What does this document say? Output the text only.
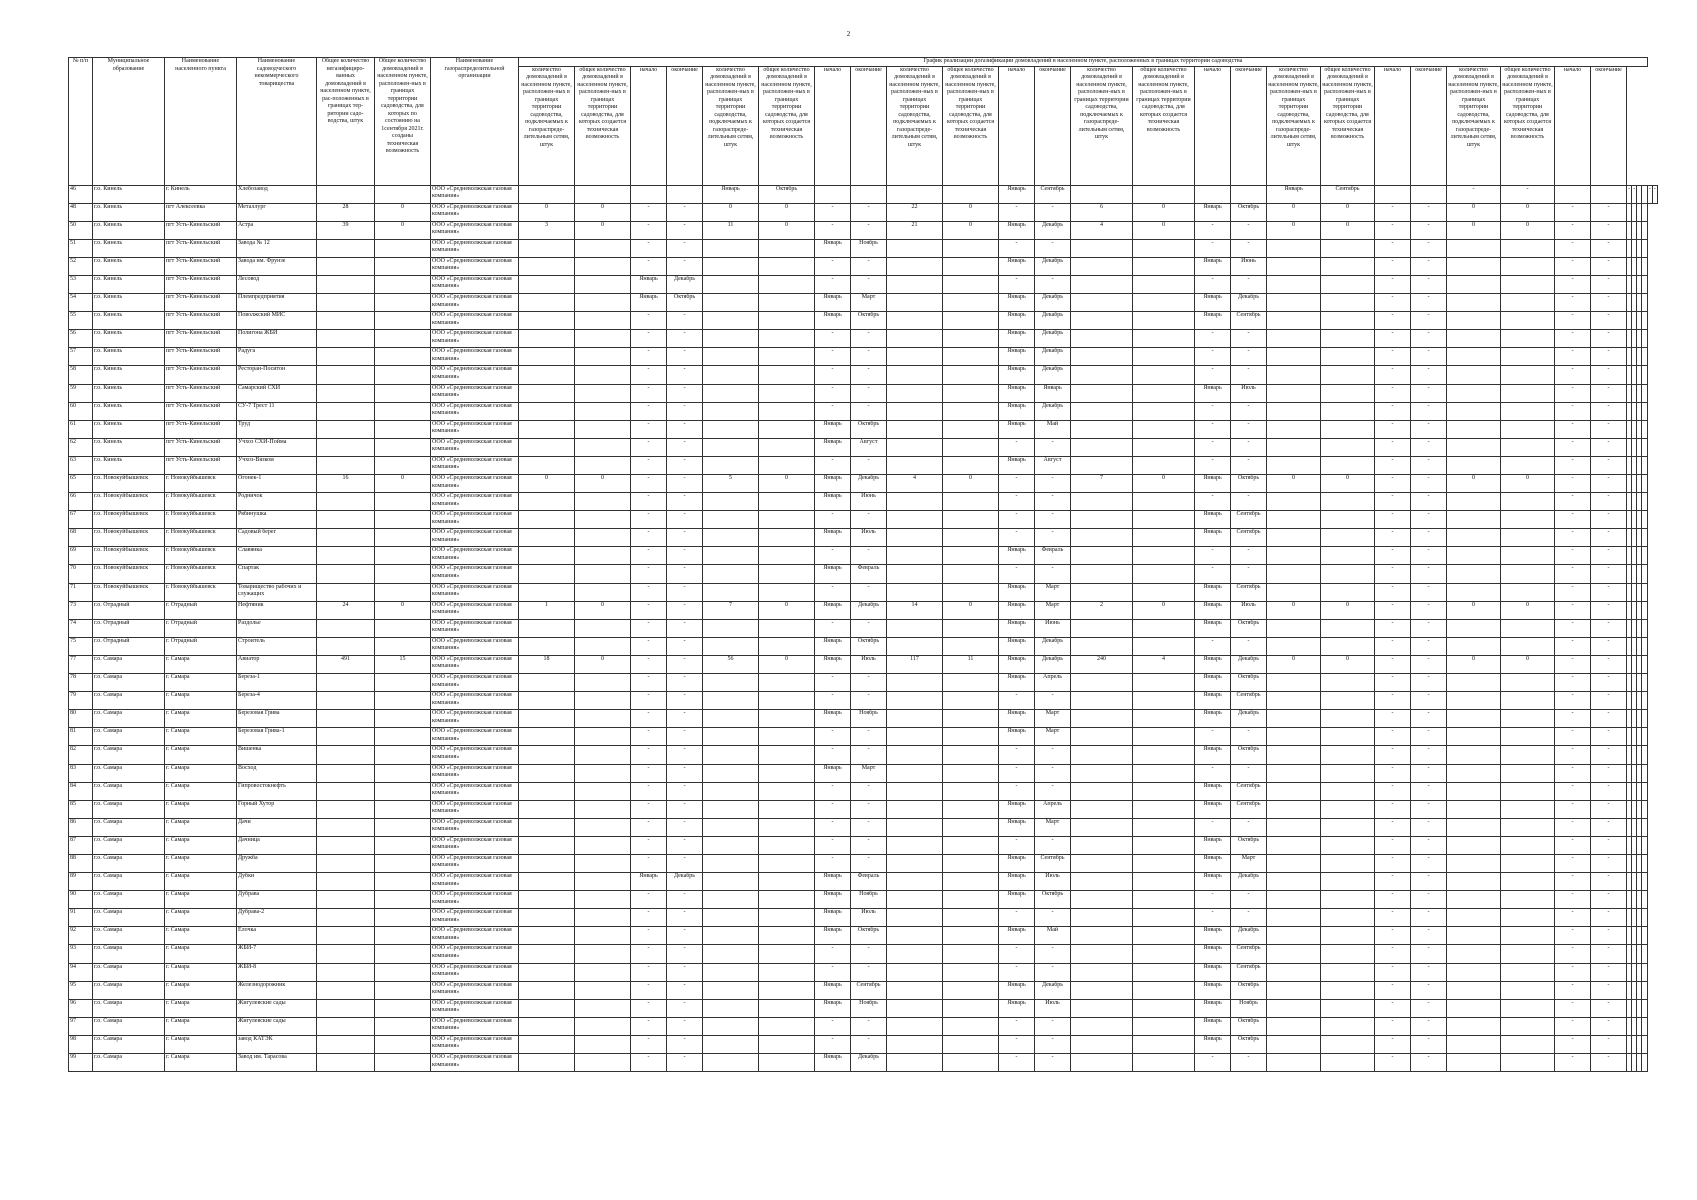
2
№ п/п	Муниципальное образование	Наименование населенного пункта	Наименование садоводческого некоммерческого товарищества	Общее количество негазифициро-ванных домовладений в населенном пункте, рас-положенных в границах тер-ритории садо-водства, штук	Общее количество домовладений в населенном пункте, расположен-ных в границах территории садоводства, для которых по состоянию на 1сентября 2021г. созданы техническая возможность	Наименование газораспределительной организации	График реализации догазификации домовладений в населенном пункте, расположенных в границах территории садоводства																													
							количество домовладений в населенном пункте, расположен-ных в границах территории садоводства, подключаемых к газораспреде-лительным сетям, штук	общее количество домовладений в населенном пункте, расположен-ных в границах территории садоводства, для которых создается техническая возможность	начало	окончание	количество домовладений в населенном пункте, расположен-ных в границах территории садоводства, подключаемых к газораспреде-лительным сетям, штук	общее количество домовладений в населенном пункте, расположен-ных в границах территории садоводства, для которых создается техническая возможность	начало	окончание	количество домовладений в населенном пункте, расположен-ных в границах территории садоводства, подключаемых к газораспреде-лительным сетям, штук	общее количество домовладений в населенном пункте, расположен-ных в границах территории садоводства, для которых создается техническая возможность	начало	окончание	количество домовладений в населенном пункте, расположен-ных в границах территории садоводства, подключаемых к газораспреде-лительным сетям, штук	общее количество домовладений в населенном пункте, расположен-ных в границах территории садоводства, для которых создается техническая возможность	начало	окончание	количество домовладений в населенном пункте, расположен-ных в границах территории садоводства, подключаемых к газораспреде-лительным сетям, штук	общее количество домовладений в населенном пункте, расположен-ных в границах территории садоводства, для которых создается техническая возможность	начало	окончание	количество домовладений в населенном пункте, расположен-ных в границах территории садоводства, подключаемых к газораспреде-лительным сетям, штук	общее количество домовладений в населенном пункте, расположен-ных в границах территории садоводства, для которых создается техническая возможность	начало	окончание						
46	г.о. Кинель	г. Кинель	Хлебозавод			ООО «Средневолжская газовая компания»					Январь	Октябрь					Январь	Сентябрь					Январь	Сентябрь			-	-			-	-			-	-
48	г.о. Кинель	пгт Алексеевка	Металлург	28	0	ООО «Средневолжская газовая компания»	0	0	-	-	0	0	-	-	22	0	-	-	6	0	Январь	Октябрь	0	0	-	-	0	0	-	-						
50	г.о. Кинель	пгт Усть-Кинельский	Астра	39	0	ООО «Средневолжская газовая компания»	3	0	-	-	11	0	-	-	21	0	Январь	Декабрь	4	0	-	-	0	0	-	-	0	0	-	-						
51	г.о. Кинель	пгт Усть-Кинельский	Завода № 12			ООО «Средневолжская газовая компания»			-	-			Январь	Ноябрь			-	-			-	-			-	-			-	-						
52	г.о. Кинель	пгт Усть-Кинельский	Завода им. Фрунзе			ООО «Средневолжская газовая компания»			-	-			-	-			Январь	Декабрь			Январь	Июнь			-	-			-	-						
53	г.о. Кинель	пгт Усть-Кинельский	Лесовод			ООО «Средневолжская газовая компания»			Январь	Декабрь			-	-			-	-			-	-			-	-			-	-						
54	г.о. Кинель	пгт Усть-Кинельский	Племпредприятия			ООО «Средневолжская газовая компания»			Январь	Октябрь			Январь	Март			Январь	Декабрь			Январь	Декабрь			-	-			-	-						
55	г.о. Кинель	пгт Усть-Кинельский	Поволжский МИС			ООО «Средневолжская газовая компания»			-	-			Январь	Октябрь			Январь	Декабрь			Январь	Сентябрь			-	-			-	-						
56	г.о. Кинель	пгт Усть-Кинельский	Полигона ЖБИ			ООО «Средневолжская газовая компания»			-	-			-	-			Январь	Декабрь			-	-			-	-			-	-						
57	г.о. Кинель	пгт Усть-Кинельский	Радуга			ООО «Средневолжская газовая компания»			-	-			-	-			Январь	Декабрь			-	-			-	-			-	-						
58	г.о. Кинель	пгт Усть-Кинельский	Ресторан-Поситон			ООО «Средневолжская газовая компания»			-	-			-	-			Январь	Декабрь			-	-			-	-			-	-						
59	г.о. Кинель	пгт Усть-Кинельский	Самарский СХИ			ООО «Средневолжская газовая компания»			-	-			-	-			Январь	Январь			Январь	Июль			-	-			-	-						
60	г.о. Кинель	пгт Усть-Кинельский	СУ-7 Трест 11			ООО «Средневолжская газовая компания»			-	-			-	-			Январь	Декабрь			-	-			-	-			-	-						
61	г.о. Кинель	пгт Усть-Кинельский	Труд			ООО «Средневолжская газовая компания»			-	-			Январь	Октябрь			Январь	Май			-	-			-	-			-	-						
62	г.о. Кинель	пгт Усть-Кинельский	Учхоз СХИ-Пойма			ООО «Средневолжская газовая компания»			-	-			Январь	Август			-	-			-	-			-	-			-	-						
63	г.о. Кинель	пгт Усть-Кинельский	Учхоз-Вязком			ООО «Средневолжская газовая компания»			-	-			-	-			Январь	Август			-	-			-	-			-	-						
65	г.о. Новокуйбышевск	г. Новокуйбышевск	Огонек-1	16	0	ООО «Средневолжская газовая компания»	0	0	-	-	5	0	Январь	Декабрь	4	0	-	-	7	0	Январь	Октябрь	0	0	-	-	0	0	-	-						
66	г.о. Новокуйбышевск	г. Новокуйбышевск	Родничок			ООО «Средневолжская газовая компания»			-	-			Январь	Июнь			-	-			-	-			-	-			-	-						
67	г.о. Новокуйбышевск	г. Новокуйбышевск	Рябинушка			ООО «Средневолжская газовая компания»			-	-			-	-			-	-			Январь	Сентябрь			-	-			-	-						
68	г.о. Новокуйбышевск	г. Новокуйбышевск	Садовый берег			ООО «Средневолжская газовая компания»			-	-			Январь	Июль			-	-			Январь	Сентябрь			-	-			-	-						
69	г.о. Новокуйбышевск	г. Новокуйбышевск	Славянка			ООО «Средневолжская газовая компания»			-	-			-	-			Январь	Февраль			-	-			-	-			-	-						
70	г.о. Новокуйбышевск	г. Новокуйбышевск	Спартак			ООО «Средневолжская газовая компания»			-	-			Январь	Февраль			-	-			-	-			-	-			-	-						
71	г.о. Новокуйбышевск	г. Новокуйбышевск	Товарищество рабочих и служащих			ООО «Средневолжская газовая компания»			-	-			-	-			Январь	Март			Январь	Сентябрь			-	-			-	-						
73	г.о. Отрадный	г. Отрадный	Нефтяник	24	0	ООО «Средневолжская газовая компания»	1	0	-	-	7	0	Январь	Декабрь	14	0	Январь	Март	2	0	Январь	Июль	0	0	-	-	0	0	-	-						
74	г.о. Отрадный	г. Отрадный	Раздолье			ООО «Средневолжская газовая компания»			-	-			-	-			Январь	Июнь			Январь	Октябрь			-	-			-	-						
75	г.о. Отрадный	г. Отрадный	Строитель			ООО «Средневолжская газовая компания»			-	-			Январь	Октябрь			Январь	Декабрь			-	-			-	-			-	-						
77	г.о. Самара	г. Самара	Авиатор	491	15	ООО «Средневолжская газовая компания»	18	0	-	-	56	0	Январь	Июль	117	11	Январь	Декабрь	240	4	Январь	Декабрь	0	0	-	-	0	0	-	-						
78	г.о. Самара	г. Самара	Береза-1			ООО «Средневолжская газовая компания»			-	-			-	-			Январь	Апрель			Январь	Октябрь			-	-			-	-						
79	г.о. Самара	г. Самара	Береза-4			ООО «Средневолжская газовая компания»			-	-			-	-			-	-			Январь	Сентябрь			-	-			-	-						
80	г.о. Самара	г. Самара	Березовая Грива			ООО «Средневолжская газовая компания»			-	-			Январь	Ноябрь			Январь	Март			Январь	Декабрь			-	-			-	-						
81	г.о. Самара	г. Самара	Березовая Грива-1			ООО «Средневолжская газовая компания»			-	-			-	-			Январь	Март			-	-			-	-			-	-						
82	г.о. Самара	г. Самара	Вишенка			ООО «Средневолжская газовая компания»			-	-			-	-			-	-			Январь	Октябрь			-	-			-	-						
83	г.о. Самара	г. Самара	Восход			ООО «Средневолжская газовая компания»			-	-			Январь	Март			-	-			-	-			-	-			-	-						
84	г.о. Самара	г. Самара	Гипровостокнефть			ООО «Средневолжская газовая компания»			-	-			-	-			-	-			Январь	Сентябрь			-	-			-	-						
85	г.о. Самара	г. Самара	Горный Хутор			ООО «Средневолжская газовая компания»			-	-			-	-			Январь	Апрель			Январь	Сентябрь			-	-			-	-						
86	г.о. Самара	г. Самара	Дачи			ООО «Средневолжская газовая компания»			-	-			-	-			Январь	Март			-	-			-	-			-	-						
87	г.о. Самара	г. Самара	Дачница			ООО «Средневолжская газовая компания»			-	-			-	-			-	-			Январь	Октябрь			-	-			-	-						
88	г.о. Самара	г. Самара	Дружба			ООО «Средневолжская газовая компания»			-	-			-	-			Январь	Сентябрь			Январь	Март			-	-			-	-						
89	г.о. Самара	г. Самара	Дубки			ООО «Средневолжская газовая компания»			Январь	Декабрь			Январь	Февраль			Январь	Июль			Январь	Декабрь			-	-			-	-						
90	г.о. Самара	г. Самара	Дубрава			ООО «Средневолжская газовая компания»			-	-			Январь	Ноябрь			Январь	Октябрь			-	-			-	-			-	-						
91	г.о. Самара	г. Самара	Дубрава-2			ООО «Средневолжская газовая компания»			-	-			Январь	Июль			-	-			-	-			-	-			-	-						
92	г.о. Самара	г. Самара	Ёлочка			ООО «Средневолжская газовая компания»			-	-			Январь	Октябрь			Январь	Май			Январь	Декабрь			-	-			-	-						
93	г.о. Самара	г. Самара	ЖБИ-7			ООО «Средневолжская газовая компания»			-	-			-	-			-	-			Январь	Сентябрь			-	-			-	-						
94	г.о. Самара	г. Самара	ЖБИ-8			ООО «Средневолжская газовая компания»			-	-			-	-			-	-			Январь	Сентябрь			-	-			-	-						
95	г.о. Самара	г. Самара	Железнодорожник			ООО «Средневолжская газовая компания»			-	-			Январь	Сентябрь			Январь	Декабрь			Январь	Октябрь			-	-			-	-						
96	г.о. Самара	г. Самара	Жигулевские сады			ООО «Средневолжская газовая компания»			-	-			Январь	Ноябрь			Январь	Июль			Январь	Ноябрь			-	-			-	-						
97	г.о. Самара	г. Самара	Жигулевские сады			ООО «Средневолжская газовая компания»			-	-			-	-			-	-			Январь	Октябрь			-	-			-	-						
98	г.о. Самара	г. Самара	завод КАТЭК			ООО «Средневолжская газовая компания»			-	-			-	-			-	-			Январь	Октябрь			-	-			-	-						
99	г.о. Самара	г. Самара	Завод им. Тарасова			ООО «Средневолжская газовая компания»			-	-			Январь	Декабрь			-	-			-	-			-	-			-	-						
